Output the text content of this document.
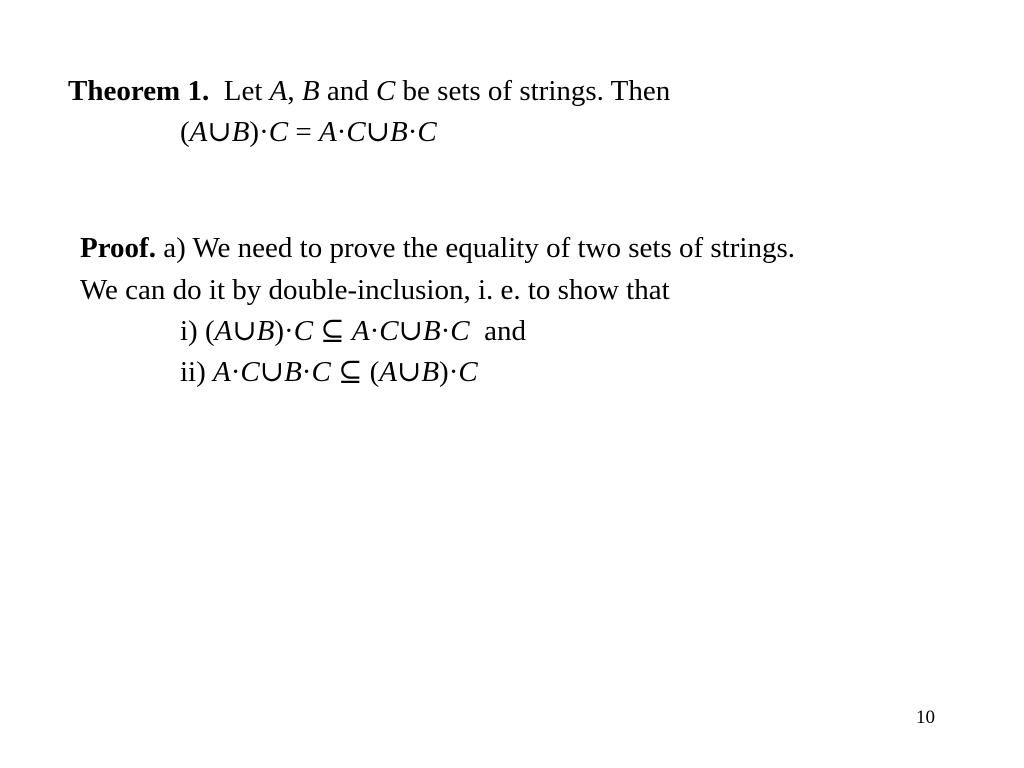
Theorem 1. Let A, B and C be sets of strings. Then
(A∪B)·C = A·C∪B·C
Proof. a) We need to prove the equality of two sets of strings.
We can do it by double-inclusion, i. e. to show that
i) (A∪B)·C ⊆ A·C∪B·C  and
ii) A·C∪B·C ⊆ (A∪B)·C
10
